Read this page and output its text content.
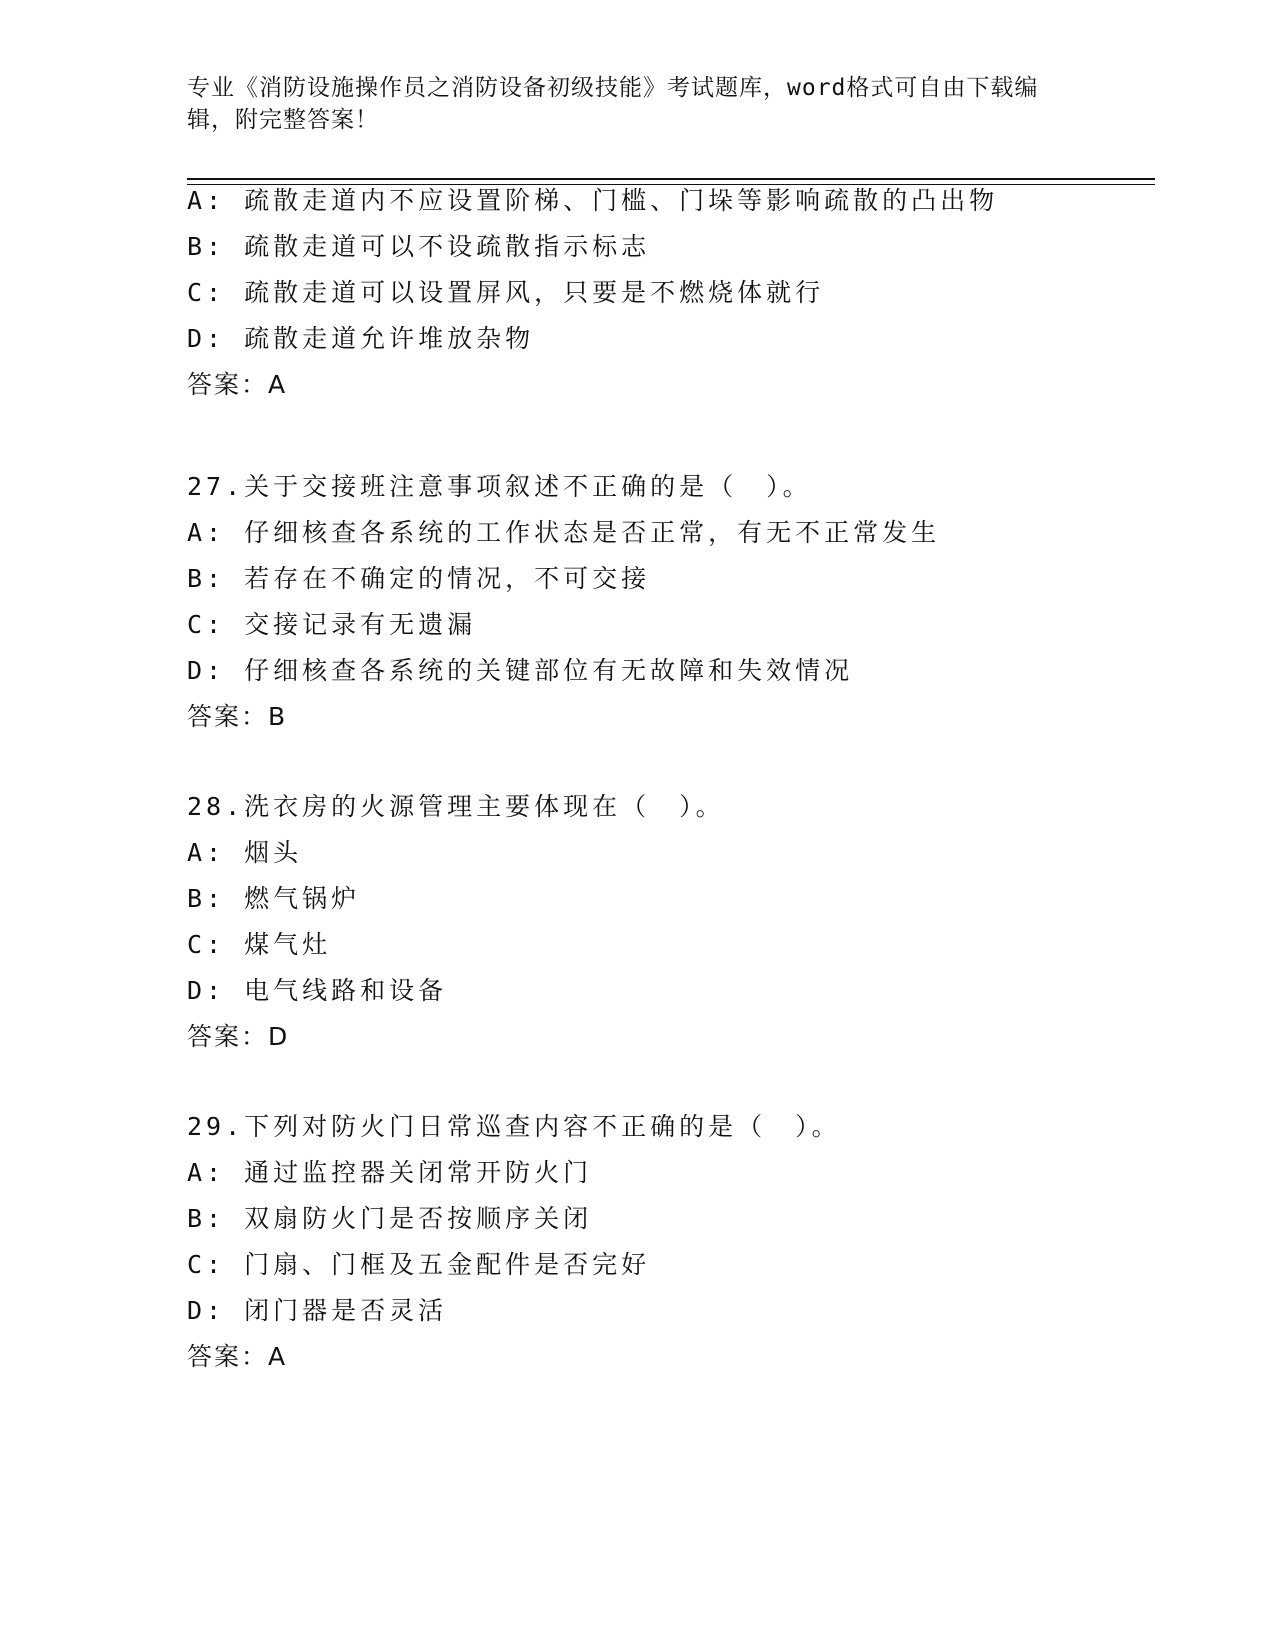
专业《消防设施操作员之消防设备初级技能》考试题库，word格式可自由下载编
辑，附完整答案！
A: 疏散走道内不应设置阶梯、门槛、门垛等影响疏散的凸出物
B: 疏散走道可以不设疏散指示标志
C: 疏散走道可以设置屏风，只要是不燃烧体就行
D: 疏散走道允许堆放杂物
答案：A
27.关于交接班注意事项叙述不正确的是（　）。
A: 仔细核查各系统的工作状态是否正常，有无不正常发生
B: 若存在不确定的情况，不可交接
C: 交接记录有无遗漏
D: 仔细核查各系统的关键部位有无故障和失效情况
答案：B
28.洗衣房的火源管理主要体现在（　）。
A: 烟头
B: 燃气锅炉
C: 煤气灶
D: 电气线路和设备
答案：D
29.下列对防火门日常巡查内容不正确的是（　）。
A: 通过监控器关闭常开防火门
B: 双扇防火门是否按顺序关闭
C: 门扇、门框及五金配件是否完好
D: 闭门器是否灵活
答案：A
